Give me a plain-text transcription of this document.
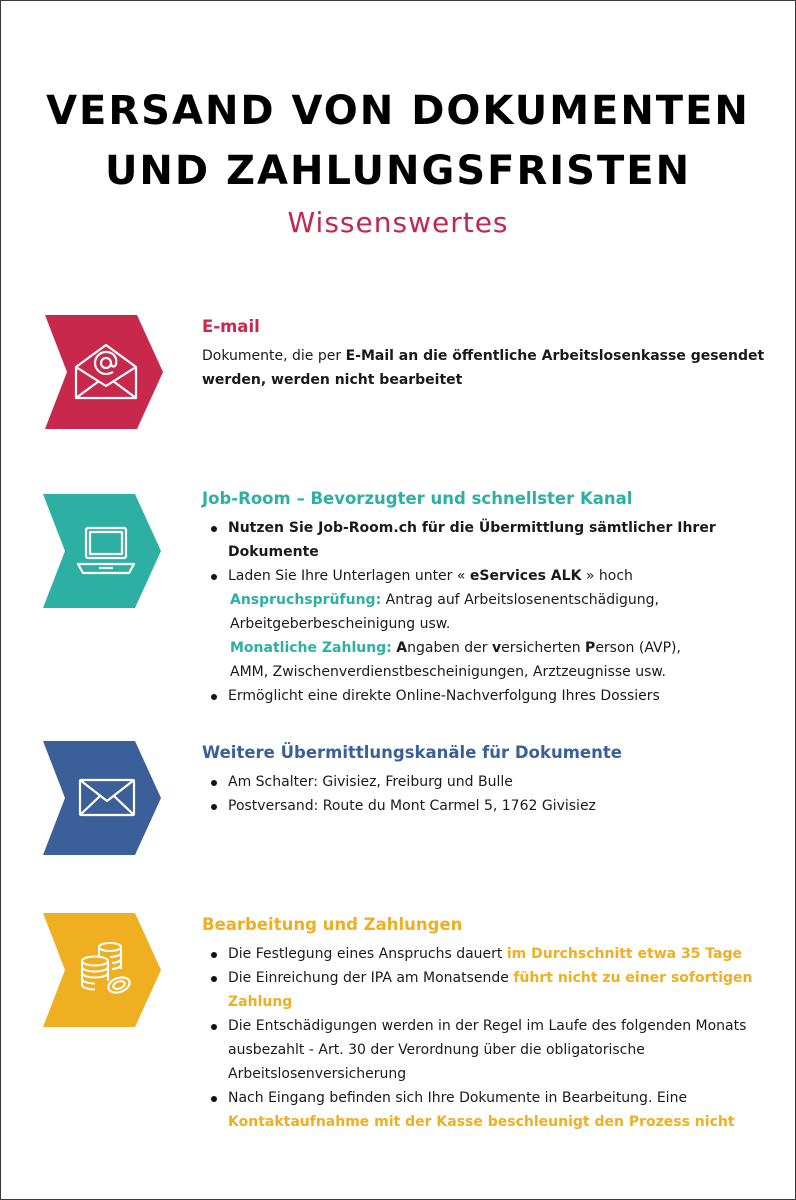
VERSAND VON DOKUMENTEN
UND ZAHLUNGSFRISTEN
Wissenswertes
E-mail

Dokumente, die per E-Mail an die öffentliche Arbeitslosenkasse gesendet werden, werden nicht bearbeitet

Job-Room – Bevorzugter und schnellster Kanal
Nutzen Sie Job-Room.ch für die Übermittlung sämtlicher Ihrer Dokumente
Laden Sie Ihre Unterlagen unter « eServices ALK » hoch
Anspruchsprüfung: Antrag auf Arbeitslosenentschädigung,
Arbeitgeberbescheinigung usw.
Monatliche Zahlung: Angaben der versicherten Person (AVP),
AMM, Zwischenverdienstbescheinigungen, Arztzeugnisse usw.
Ermöglicht eine direkte Online-Nachverfolgung Ihres Dossiers
Weitere Übermittlungskanäle für Dokumente
Am Schalter: Givisiez, Freiburg und Bulle
Postversand: Route du Mont Carmel 5, 1762 Givisiez
Bearbeitung und Zahlungen
Die Festlegung eines Anspruchs dauert im Durchschnitt etwa 35 Tage
Die Einreichung der IPA am Monatsende führt nicht zu einer sofortigen Zahlung
Die Entschädigungen werden in der Regel im Laufe des folgenden Monats ausbezahlt - Art. 30 der Verordnung über die obligatorische Arbeitslosenversicherung
Nach Eingang befinden sich Ihre Dokumente in Bearbeitung. Eine Kontaktaufnahme mit der Kasse beschleunigt den Prozess nicht
